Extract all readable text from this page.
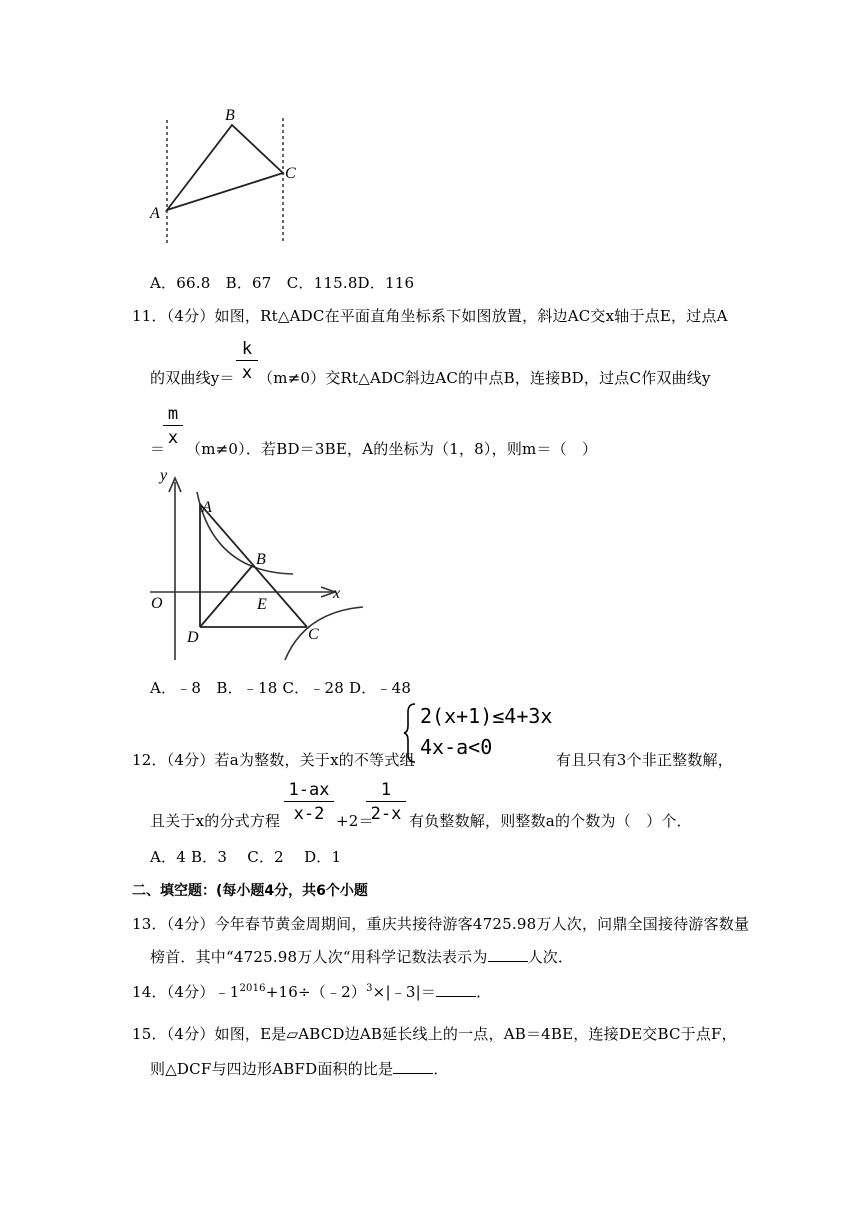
B
C
A
A．66.8　B．67　C．115.8D．116
11．（4分）如图，Rt△ADC在平面直角坐标系下如图放置，斜边AC交x轴于点E，过点A
k
x
的双曲线y＝ （m≠0）交Rt△ADC斜边AC的中点B，连接BD，过点C作双曲线y
m
x
＝ （m≠0）．若BD＝3BE，A的坐标为（1，8），则m＝（　）
y
x
O
A
B
E
D	C
A．﹣8　B．﹣18 C．﹣28 D．﹣48
2(x+1)≤4+3x
4x-a<0
12．（4分）若a为整数，关于x的不等式组	有且只有3个非正整数解，
且关于x的分式方程
1-ax
x-2 +2＝
1
2-x 有负整数解，则整数a的个数为（　）个．
A．4 B．3　 C．2　 D．1
二、填空题：(每小题4分，共6个小题
13．（4分）今年春节黄金周期间，重庆共接待游客4725.98万人次，问鼎全国接待游客数量
榜首．其中“4725.98万人次“用科学记数法表示为	人次．
14．（4分）$﹣1^{2016}+16\div(﹣2)^3\times|﹣3|=$	．
15．（4分）如图，E是▱ABCD边AB延长线上的一点，AB＝4BE，连接DE交BC于点F，
则△DCF与四边形ABFD面积的比是	．
